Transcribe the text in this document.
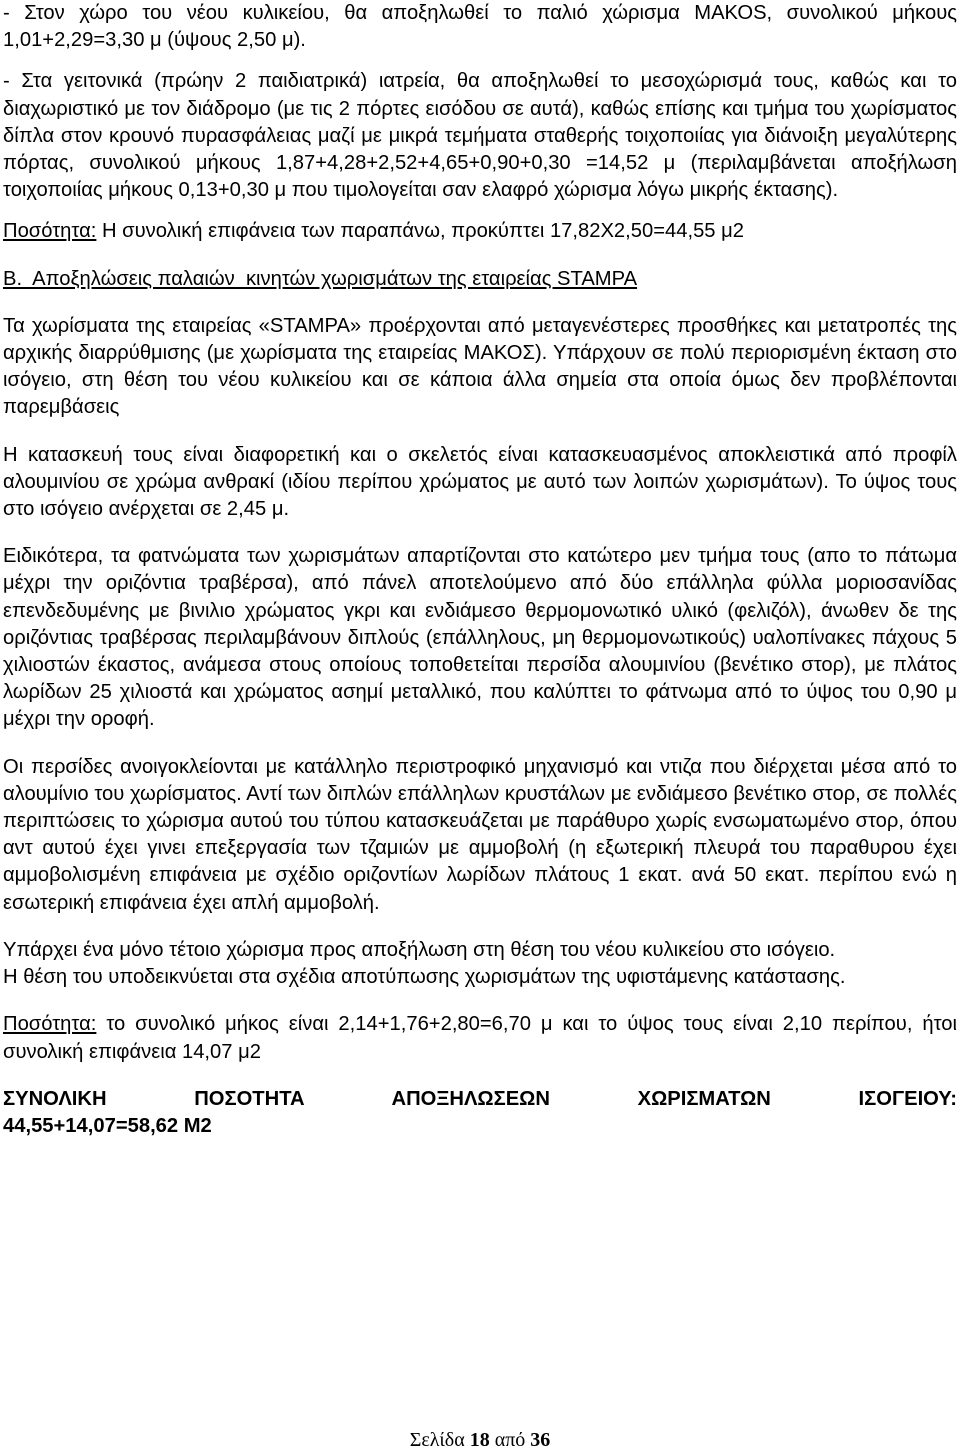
- Στον χώρο του νέου κυλικείου, θα αποξηλωθεί το παλιό χώρισμα ΜΑΚΟS, συνολικού μήκους 1,01+2,29=3,30 μ (ύψους 2,50 μ).

- Στα γειτονικά (πρώην 2 παιδιατρικά) ιατρεία, θα αποξηλωθεί το μεσοχώρισμά τους, καθώς και το διαχωριστικό με τον διάδρομο (με τις 2 πόρτες εισόδου σε αυτά), καθώς επίσης και τμήμα του χωρίσματος δίπλα στον κρουνό πυρασφάλειας μαζί με μικρά τεμήματα σταθερής τοιχοποιίας για διάνοιξη μεγαλύτερης πόρτας, συνολικού μήκους 1,87+4,28+2,52+4,65+0,90+0,30 =14,52 μ (περιλαμβάνεται αποξήλωση τοιχοποιίας μήκους 0,13+0,30 μ που τιμολογείται σαν ελαφρό χώρισμα λόγω μικρής έκτασης).

Ποσότητα: Η συνολική επιφάνεια των παραπάνω, προκύπτει 17,82Χ2,50=44,55 μ2

Β.  Αποξηλώσεις παλαιών  κινητών χωρισμάτων της εταιρείας STAMPA

Τα χωρίσματα της εταιρείας «STAMPA» προέρχονται από μεταγενέστερες προσθήκες και μετατροπές της αρχικής διαρρύθμισης (με χωρίσματα της εταιρείας ΜΑΚΟΣ). Υπάρχουν σε πολύ περιορισμένη έκταση στο ισόγειο, στη θέση του νέου κυλικείου και σε κάποια άλλα σημεία στα οποία όμως δεν προβλέπονται παρεμβάσεις

Η κατασκευή τους είναι διαφορετική και ο σκελετός είναι κατασκευασμένος αποκλειστικά από προφίλ αλουμινίου σε χρώμα ανθρακί (ιδίου περίπου χρώματος με αυτό των λοιπών χωρισμάτων). Το ύψος τους στο ισόγειο ανέρχεται σε 2,45 μ.

Ειδικότερα, τα φατνώματα των χωρισμάτων απαρτίζονται στο κατώτερο μεν τμήμα τους (απο το πάτωμα μέχρι την οριζόντια τραβέρσα), από πάνελ αποτελούμενο από δύο επάλληλα φύλλα μοριοσανίδας επενδεδυμένης με βινιλιο χρώματος γκρι και ενδιάμεσο θερμομονωτικό υλικό (φελιζόλ), άνωθεν δε της οριζόντιας τραβέρσας περιλαμβάνουν διπλούς (επάλληλους, μη θερμομονωτικούς) υαλοπίνακες πάχους 5 χιλιοστών έκαστος, ανάμεσα στους οποίους τοποθετείται περσίδα αλουμινίου (βενέτικο στορ), με πλάτος λωρίδων 25 χιλιοστά και χρώματος ασημί μεταλλικό, που καλύπτει το φάτνωμα από το ύψος του 0,90 μ μέχρι την οροφή.

Οι περσίδες ανοιγοκλείονται με κατάλληλο περιστροφικό μηχανισμό και ντιζα που διέρχεται μέσα από το αλουμίνιο του χωρίσματος. Αντί των διπλών επάλληλων κρυστάλων με ενδιάμεσο βενέτικο στορ, σε πολλές περιπτώσεις το χώρισμα αυτού του τύπου κατασκευάζεται με παράθυρο χωρίς ενσωματωμένο στορ, όπου αντ αυτού έχει γινει επεξεργασία των τζαμιών με αμμοβολή (η εξωτερική πλευρά του παραθυρου έχει αμμοβολισμένη επιφάνεια με σχέδιο οριζοντίων λωρίδων πλάτους 1 εκατ. ανά 50 εκατ. περίπου ενώ η εσωτερική επιφάνεια έχει απλή αμμοβολή.

Υπάρχει ένα μόνο τέτοιο χώρισμα προς αποξήλωση στη θέση του νέου κυλικείου στο ισόγειο.

Η θέση του υποδεικνύεται στα σχέδια αποτύπωσης χωρισμάτων της υφιστάμενης κατάστασης.

Ποσότητα: το συνολικό μήκος είναι 2,14+1,76+2,80=6,70 μ και το ύψος τους είναι 2,10 περίπου, ήτοι συνολική επιφάνεια 14,07 μ2

ΣΥΝΟΛΙΚΗ ΠΟΣΟΤΗΤΑ ΑΠΟΞΗΛΩΣΕΩΝ ΧΩΡΙΣΜΑΤΩΝ ΙΣΟΓΕΙΟΥ:

44,55+14,07=58,62 Μ2

Σελίδα 18 από 36
